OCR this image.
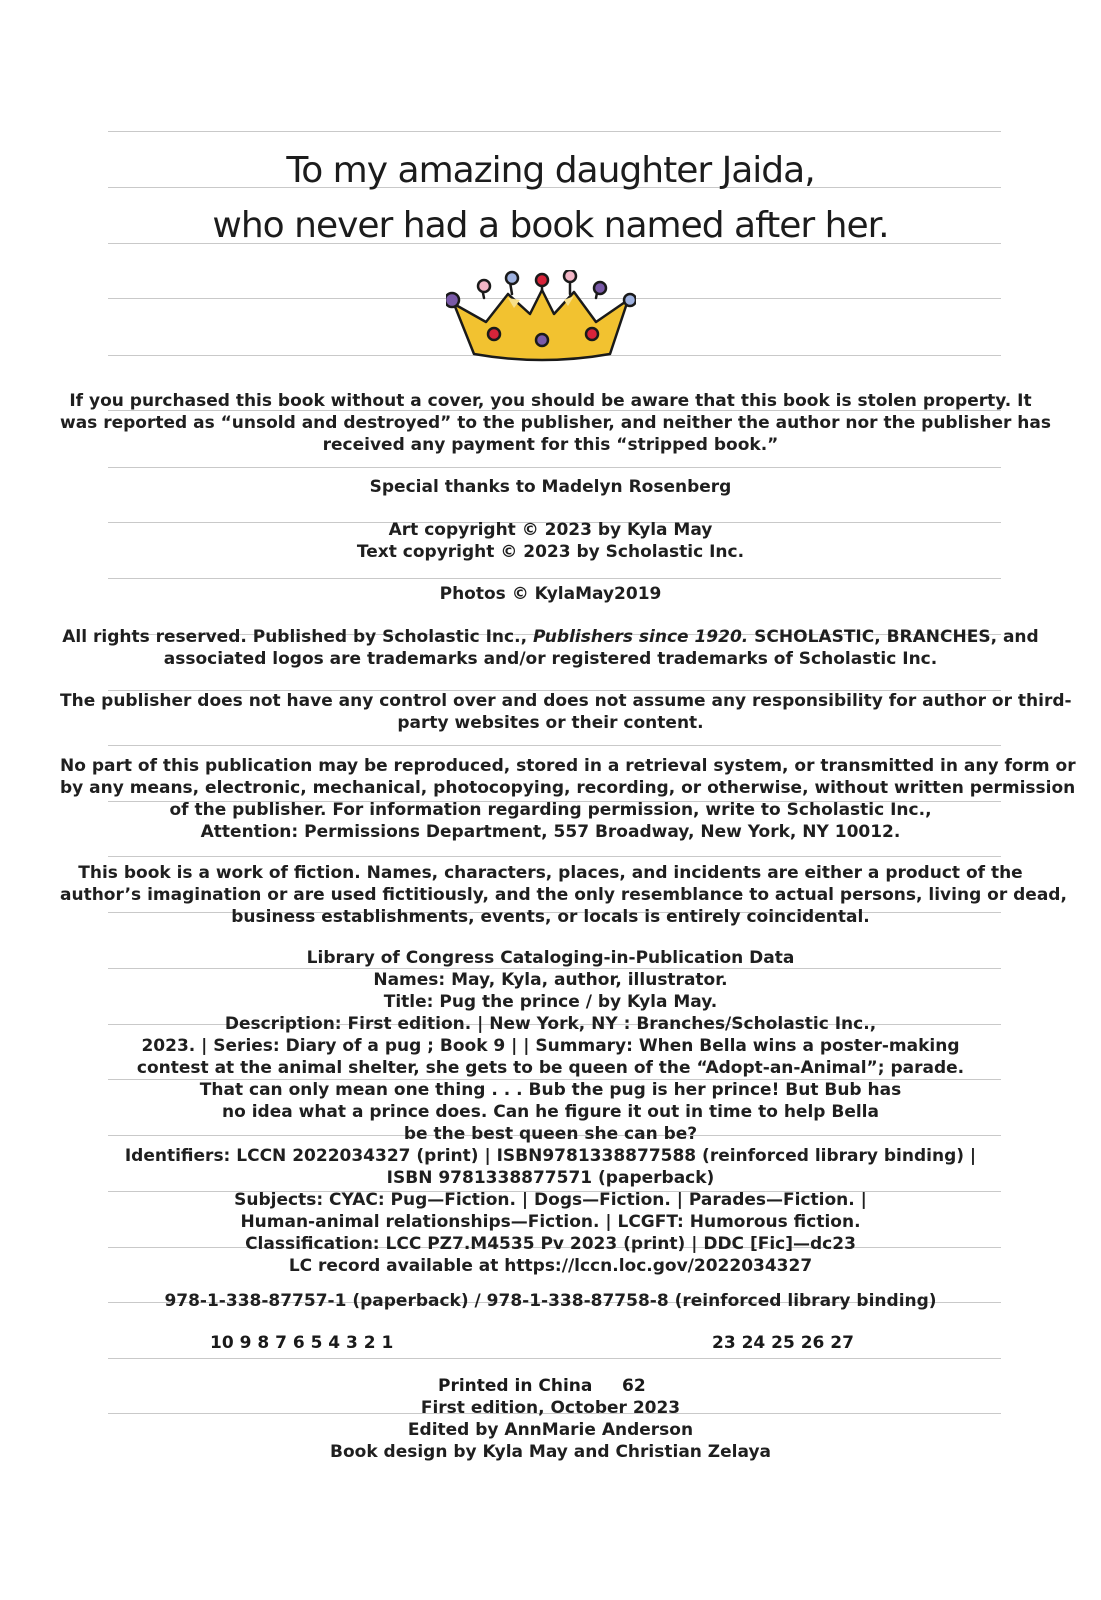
To my amazing daughter Jaida,
who never had a book named after her.
If you purchased this book without a cover, you should be aware that this book is stolen property. It
was reported as “unsold and destroyed” to the publisher, and neither the author nor the publisher has
received any payment for this “stripped book.”
Special thanks to Madelyn Rosenberg
Art copyright © 2023 by Kyla May
Text copyright © 2023 by Scholastic Inc.
Photos © KylaMay2019
All rights reserved. Published by Scholastic Inc., Publishers since 1920. SCHOLASTIC, BRANCHES, and
associated logos are trademarks and/or registered trademarks of Scholastic Inc.
The publisher does not have any control over and does not assume any responsibility for author or third-
party websites or their content.
No part of this publication may be reproduced, stored in a retrieval system, or transmitted in any form or
by any means, electronic, mechanical, photocopying, recording, or otherwise, without written permission
of the publisher. For information regarding permission, write to Scholastic Inc.,
Attention: Permissions Department, 557 Broadway, New York, NY 10012.
This book is a work of fiction. Names, characters, places, and incidents are either a product of the
author’s imagination or are used fictitiously, and the only resemblance to actual persons, living or dead,
business establishments, events, or locals is entirely coincidental.
Library of Congress Cataloging-in-Publication Data
Names: May, Kyla, author, illustrator.
Title: Pug the prince / by Kyla May.
Description: First edition. | New York, NY : Branches/Scholastic Inc.,
2023. | Series: Diary of a pug ; Book 9 | | Summary: When Bella wins a poster-making
contest at the animal shelter, she gets to be queen of the “Adopt-an-Animal”; parade.
That can only mean one thing . . . Bub the pug is her prince! But Bub has
no idea what a prince does. Can he figure it out in time to help Bella
be the best queen she can be?
Identifiers: LCCN 2022034327 (print) | ISBN9781338877588 (reinforced library binding) |
ISBN 9781338877571 (paperback)
Subjects: CYAC: Pug—Fiction. | Dogs—Fiction. | Parades—Fiction. |
Human-animal relationships—Fiction. | LCGFT: Humorous fiction.
Classification: LCC PZ7.M4535 Pv 2023 (print) | DDC [Fic]—dc23
LC record available at https://lccn.loc.gov/2022034327
978-1-338-87757-1 (paperback) / 978-1-338-87758-8 (reinforced library binding)
10 9 8 7 6 5 4 3 2 1	23 24 25 26 27
Printed in China 62
First edition, October 2023
Edited by AnnMarie Anderson
Book design by Kyla May and Christian Zelaya
